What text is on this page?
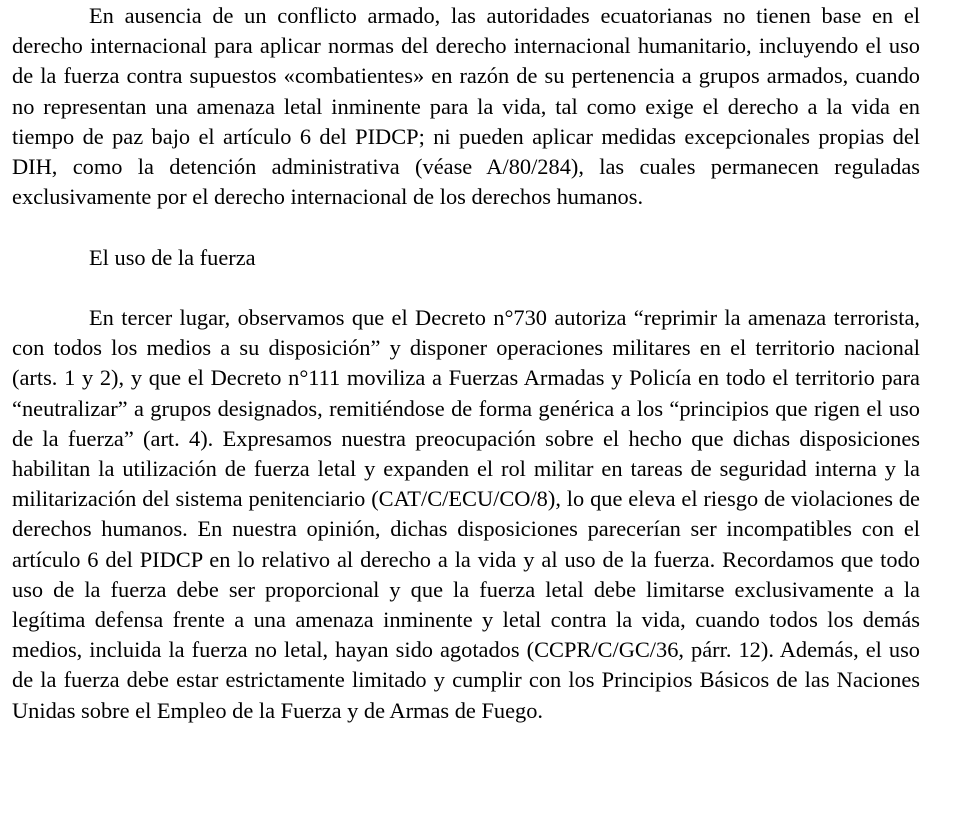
En ausencia de un conflicto armado, las autoridades ecuatorianas no tienen base en el derecho internacional para aplicar normas del derecho internacional humanitario, incluyendo el uso de la fuerza contra supuestos «combatientes» en razón de su pertenencia a grupos armados, cuando no representan una amenaza letal inminente para la vida, tal como exige el derecho a la vida en tiempo de paz bajo el artículo 6 del PIDCP; ni pueden aplicar medidas excepcionales propias del DIH, como la detención administrativa (véase A/80/284), las cuales permanecen reguladas exclusivamente por el derecho internacional de los derechos humanos.

El uso de la fuerza

En tercer lugar, observamos que el Decreto n°730 autoriza “reprimir la amenaza terrorista, con todos los medios a su disposición” y disponer operaciones militares en el territorio nacional (arts. 1 y 2), y que el Decreto n°111 moviliza a Fuerzas Armadas y Policía en todo el territorio para “neutralizar” a grupos designados, remitiéndose de forma genérica a los “principios que rigen el uso de la fuerza” (art. 4). Expresamos nuestra preocupación sobre el hecho que dichas disposiciones habilitan la utilización de fuerza letal y expanden el rol militar en tareas de seguridad interna y la militarización del sistema penitenciario (CAT/C/ECU/CO/8), lo que eleva el riesgo de violaciones de derechos humanos. En nuestra opinión, dichas disposiciones parecerían ser incompatibles con el artículo 6 del PIDCP en lo relativo al derecho a la vida y al uso de la fuerza. Recordamos que todo uso de la fuerza debe ser proporcional y que la fuerza letal debe limitarse exclusivamente a la legítima defensa frente a una amenaza inminente y letal contra la vida, cuando todos los demás medios, incluida la fuerza no letal, hayan sido agotados (CCPR/C/GC/36, párr. 12). Además, el uso de la fuerza debe estar estrictamente limitado y cumplir con los Principios Básicos de las Naciones Unidas sobre el Empleo de la Fuerza y de Armas de Fuego.
